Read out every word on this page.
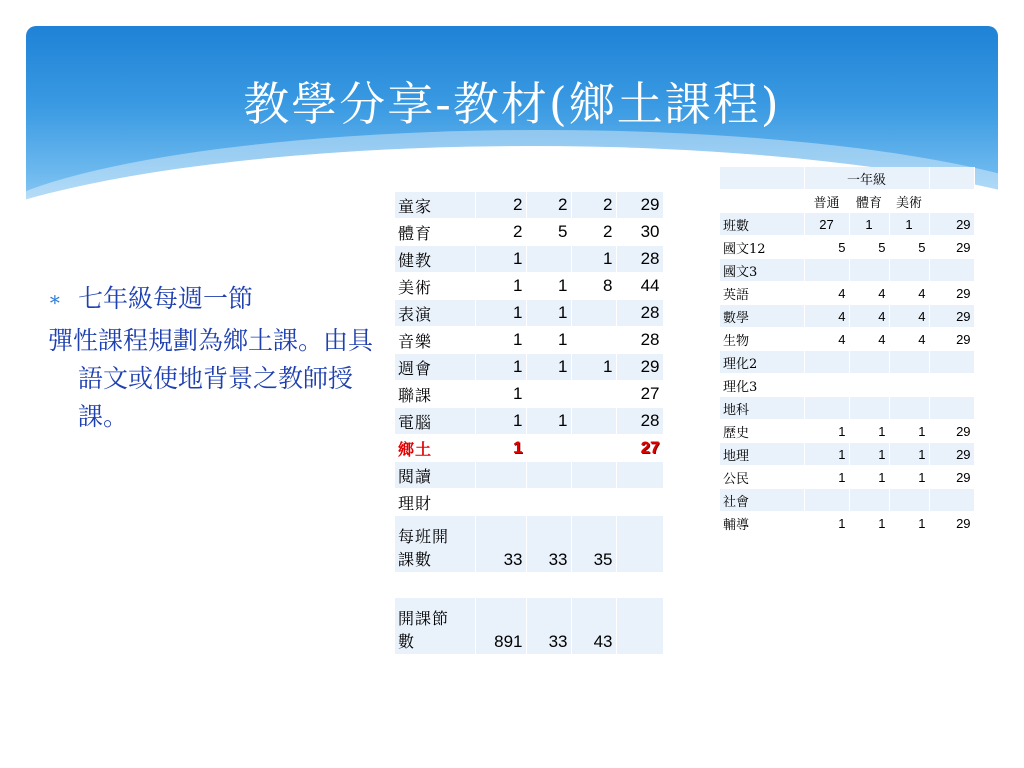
教學分享-教材(鄉土課程)
∗ 七年級每週一節
彈性課程規劃為鄉土課。由具語文或使地背景之教師授課。
童家	2	2	2	29
體育	2	5	2	30
健教	1		1	28
美術	1	1	8	44
表演	1	1		28
音樂	1	1		28
週會	1	1	1	29
聯課	1			27
電腦	1	1		28
鄉土	1			27
閱讀				
理財				

每班開
課數	33	33	35	

開課節
數	891	33	43	
	一年級			
	普通	體育	美術	
班數	27	1	1	29
國文12	5	5	5	29
國文3				
英語	4	4	4	29
數學	4	4	4	29
生物	4	4	4	29
理化2				
理化3				
地科				
歷史	1	1	1	29
地理	1	1	1	29
公民	1	1	1	29
社會				
輔導	1	1	1	29
